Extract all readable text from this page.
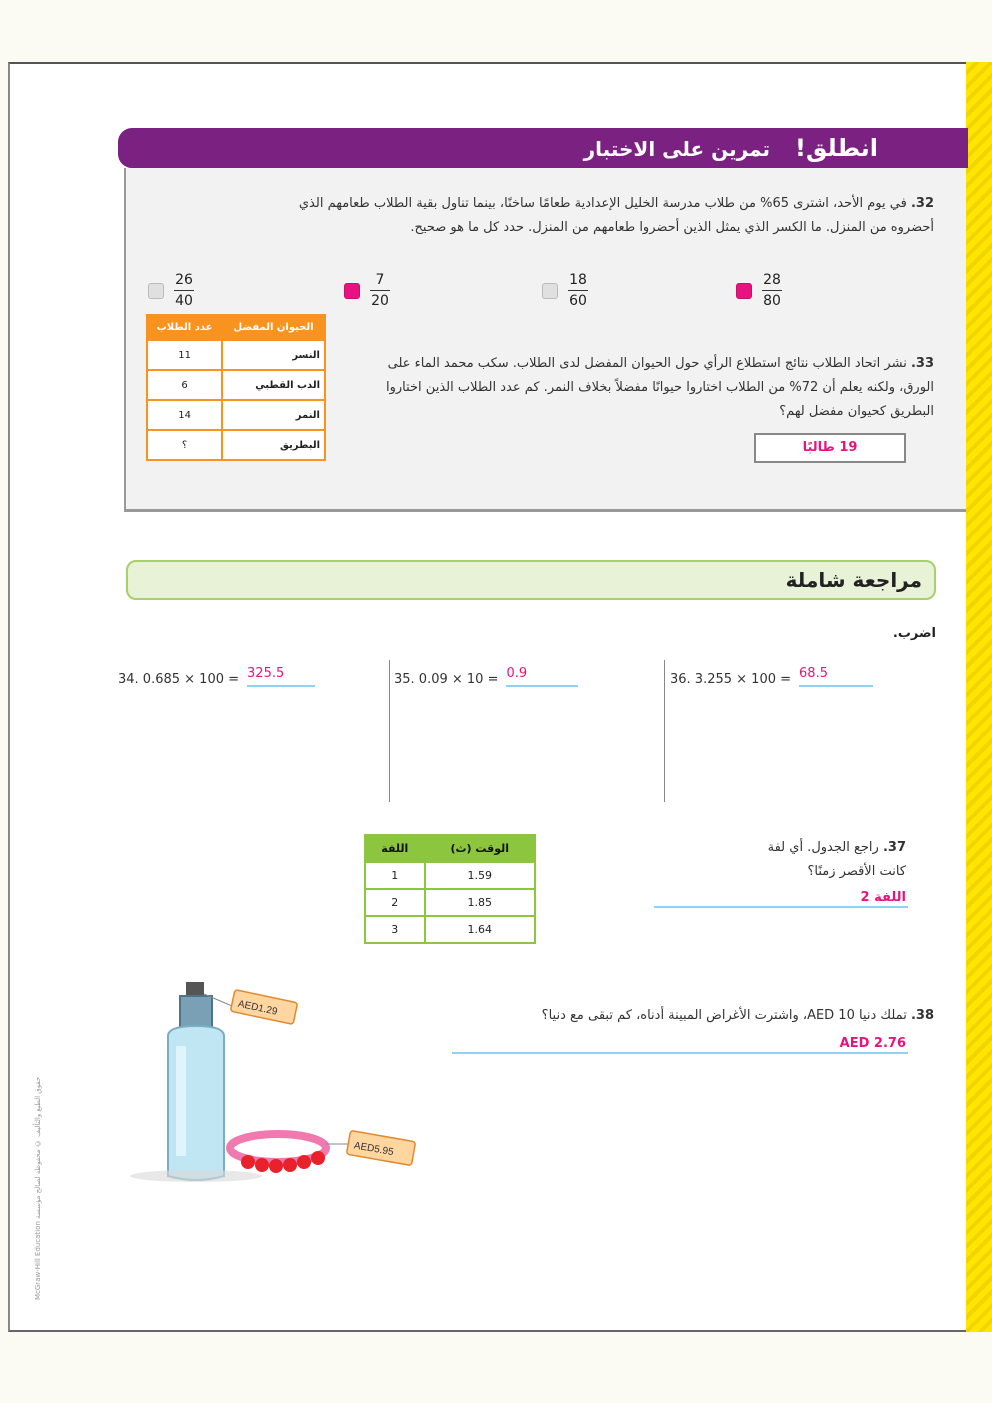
انطلق! تمرين على الاختبار
32. في يوم الأحد، اشترى 65% من طلاب مدرسة الخليل الإعدادية طعامًا ساخنًا، بينما تناول بقية الطلاب طعامهم الذي أحضروه من المنزل. ما الكسر الذي يمثل الذين أحضروا طعامهم من المنزل. حدد كل ما هو صحيح.
$\frac{28}{80}$
$\frac{18}{60}$
$\frac{7}{20}$
$\frac{26}{40}$
الحيوان المفضل	عدد الطلاب
النسر	11
الدب القطبي	6
النمر	14
البطريق	؟
33. نشر اتحاد الطلاب نتائج استطلاع الرأي حول الحيوان المفضل لدى الطلاب. سكب محمد الماء على الورق، ولكنه يعلم أن 72% من الطلاب اختاروا حيوانًا مفضلاً بخلاف النمر. كم عدد الطلاب الذين اختاروا البطريق كحيوان مفضل لهم؟
19 طالبًا
مراجعة شاملة
اضرب.
34. 0.685 × 100 = 325.5	35. 0.09 × 10 = 0.9	36. 3.255 × 100 = 68.5
اللفة	الوقت (ث)
1	1.59
2	1.85
3	1.64
37. راجع الجدول. أي لفة كانت الأقصر زمنًا؟
اللفة 2
38. تملك دنيا AED 10، واشترت الأغراض المبينة أدناه، كم تبقى مع دنيا؟
AED 2.76
AED1.29
AED5.95
McGraw-Hill Education حقوق الطبع والتأليف © محفوظة لصالح مؤسسة
